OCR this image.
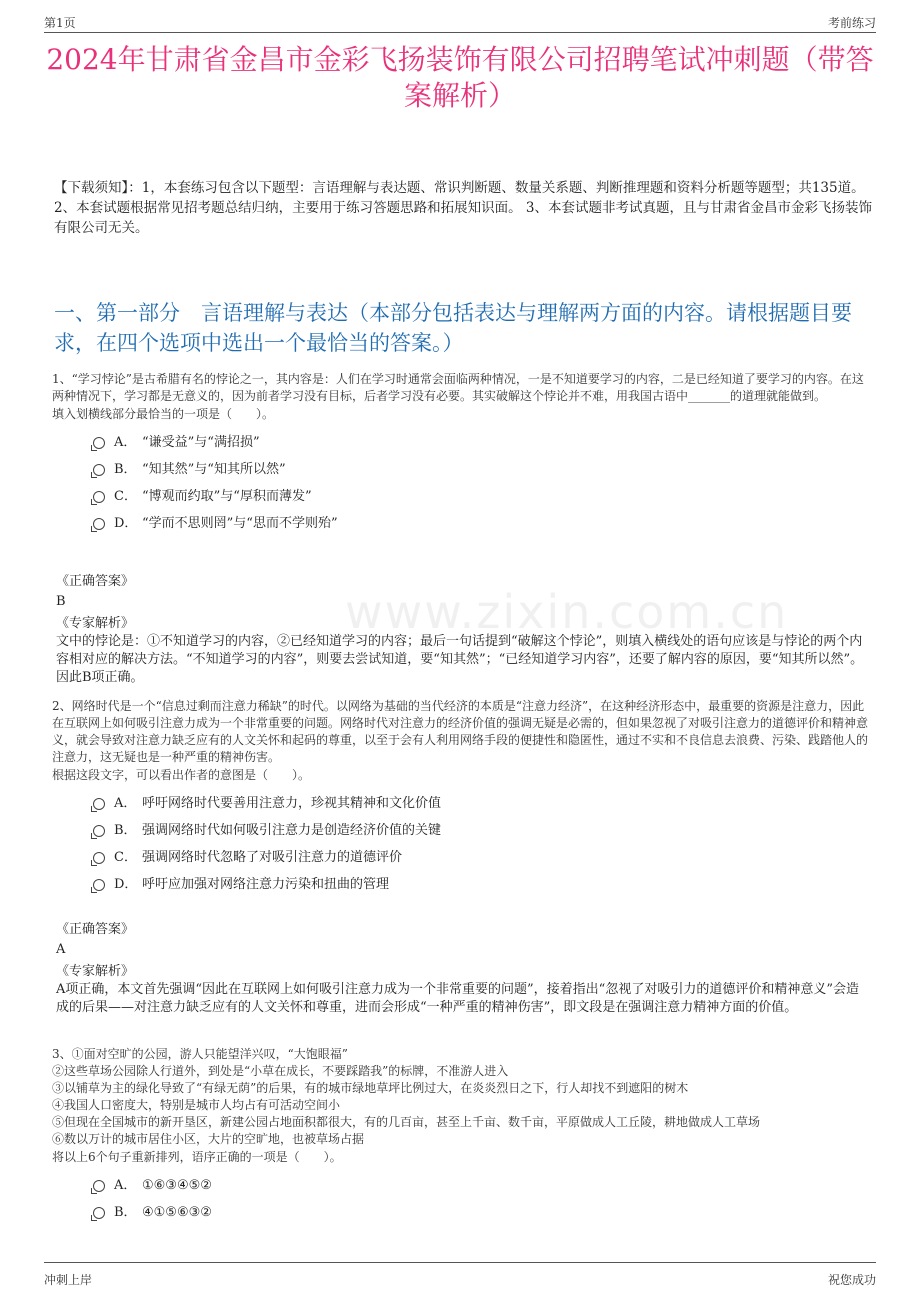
第1页	考前练习
2024年甘肃省金昌市金彩飞扬装饰有限公司招聘笔试冲刺题（带答案解析）
【下载须知】：1，本套练习包含以下题型：言语理解与表达题、常识判断题、数量关系题、判断推理题和资料分析题等题型；共135道。 2、本套试题根据常见招考题总结归纳，主要用于练习答题思路和拓展知识面。 3、本套试题非考试真题，且与甘肃省金昌市金彩飞扬装饰有限公司无关。
www.zixin.com.cn
一、第一部分　言语理解与表达（本部分包括表达与理解两方面的内容。请根据题目要求，在四个选项中选出一个最恰当的答案。）

1、“学习悖论”是古希腊有名的悖论之一，其内容是：人们在学习时通常会面临两种情况，一是不知道要学习的内容，二是已经知道了要学习的内容。在这两种情况下，学习都是无意义的，因为前者学习没有目标，后者学习没有必要。其实破解这个悖论并不难，用我国古语中_______的道理就能做到。

填入划横线部分最恰当的一项是（　　）。

A． “谦受益”与“满招损”
B． “知其然”与“知其所以然”
C． “博观而约取”与“厚积而薄发”
D． “学而不思则罔”与“思而不学则殆”

《正确答案》

B

《专家解析》

文中的悖论是：①不知道学习的内容，②已经知道学习的内容；最后一句话提到“破解这个悖论”，则填入横线处的语句应该是与悖论的两个内容相对应的解决方法。“不知道学习的内容”，则要去尝试知道，要“知其然”；“已经知道学习内容”，还要了解内容的原因，要“知其所以然”。因此B项正确。

2、网络时代是一个“信息过剩而注意力稀缺”的时代。以网络为基础的当代经济的本质是“注意力经济”，在这种经济形态中，最重要的资源是注意力，因此在互联网上如何吸引注意力成为一个非常重要的问题。网络时代对注意力的经济价值的强调无疑是必需的，但如果忽视了对吸引注意力的道德评价和精神意义，就会导致对注意力缺乏应有的人文关怀和起码的尊重，以至于会有人利用网络手段的便捷性和隐匿性，通过不实和不良信息去浪费、污染、践踏他人的注意力，这无疑也是一种严重的精神伤害。

根据这段文字，可以看出作者的意图是（　　）。

A． 呼吁网络时代要善用注意力，珍视其精神和文化价值
B． 强调网络时代如何吸引注意力是创造经济价值的关键
C． 强调网络时代忽略了对吸引注意力的道德评价
D． 呼吁应加强对网络注意力污染和扭曲的管理

《正确答案》

A

《专家解析》

A项正确，本文首先强调“因此在互联网上如何吸引注意力成为一个非常重要的问题”，接着指出“忽视了对吸引力的道德评价和精神意义”会造成的后果——对注意力缺乏应有的人文关怀和尊重，进而会形成“一种严重的精神伤害”，即文段是在强调注意力精神方面的价值。

3、①面对空旷的公园，游人只能望洋兴叹，“大饱眼福”

②这些草场公园除人行道外，到处是“小草在成长，不要踩踏我”的标牌，不准游人进入

③以铺草为主的绿化导致了“有绿无荫”的后果，有的城市绿地草坪比例过大，在炎炎烈日之下，行人却找不到遮阳的树木

④我国人口密度大，特别是城市人均占有可活动空间小

⑤但现在全国城市的新开垦区，新建公园占地面积都很大，有的几百亩，甚至上千亩、数千亩，平原做成人工丘陵，耕地做成人工草场

⑥数以万计的城市居住小区，大片的空旷地，也被草场占据

将以上6个句子重新排列，语序正确的一项是（　　）。

A． ①⑥③④⑤②
B． ④①⑤⑥③②
冲刺上岸	祝您成功
